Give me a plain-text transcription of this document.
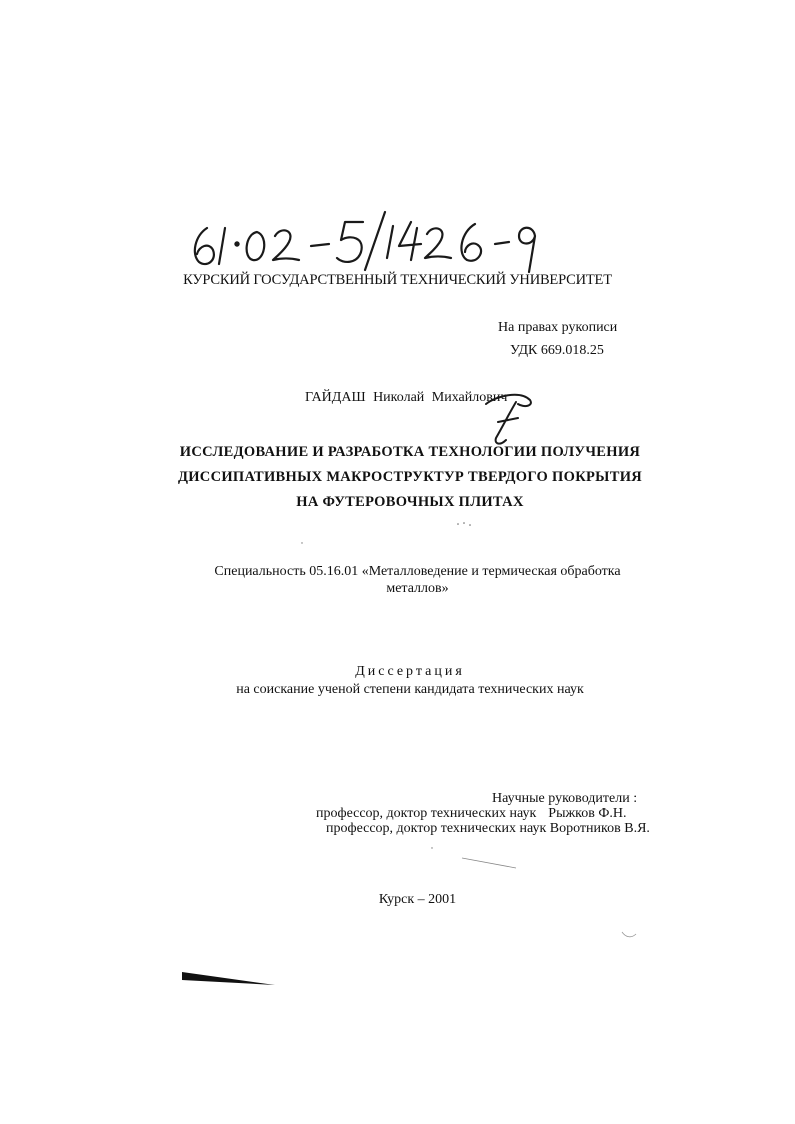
КУРСКИЙ ГОСУДАРСТВЕННЫЙ ТЕХНИЧЕСКИЙ УНИВЕРСИТЕТ
На правах рукописи
УДК 669.018.25
ГАЙДАШ Николай Михайлович
ИССЛЕДОВАНИЕ И РАЗРАБОТКА ТЕХНОЛОГИИ ПОЛУЧЕНИЯ
ДИССИПАТИВНЫХ МАКРОСТРУКТУР ТВЕРДОГО ПОКРЫТИЯ
НА ФУТЕРОВОЧНЫХ ПЛИТАХ
Специальность 05.16.01 «Металловедение и термическая обработка
металлов»
Диссертация
на соискание ученой степени кандидата технических наук
Научные руководители :
профессор, доктор технических наук Рыжков Ф.Н.
профессор, доктор технических наук Воротников В.Я.
Курск – 2001
